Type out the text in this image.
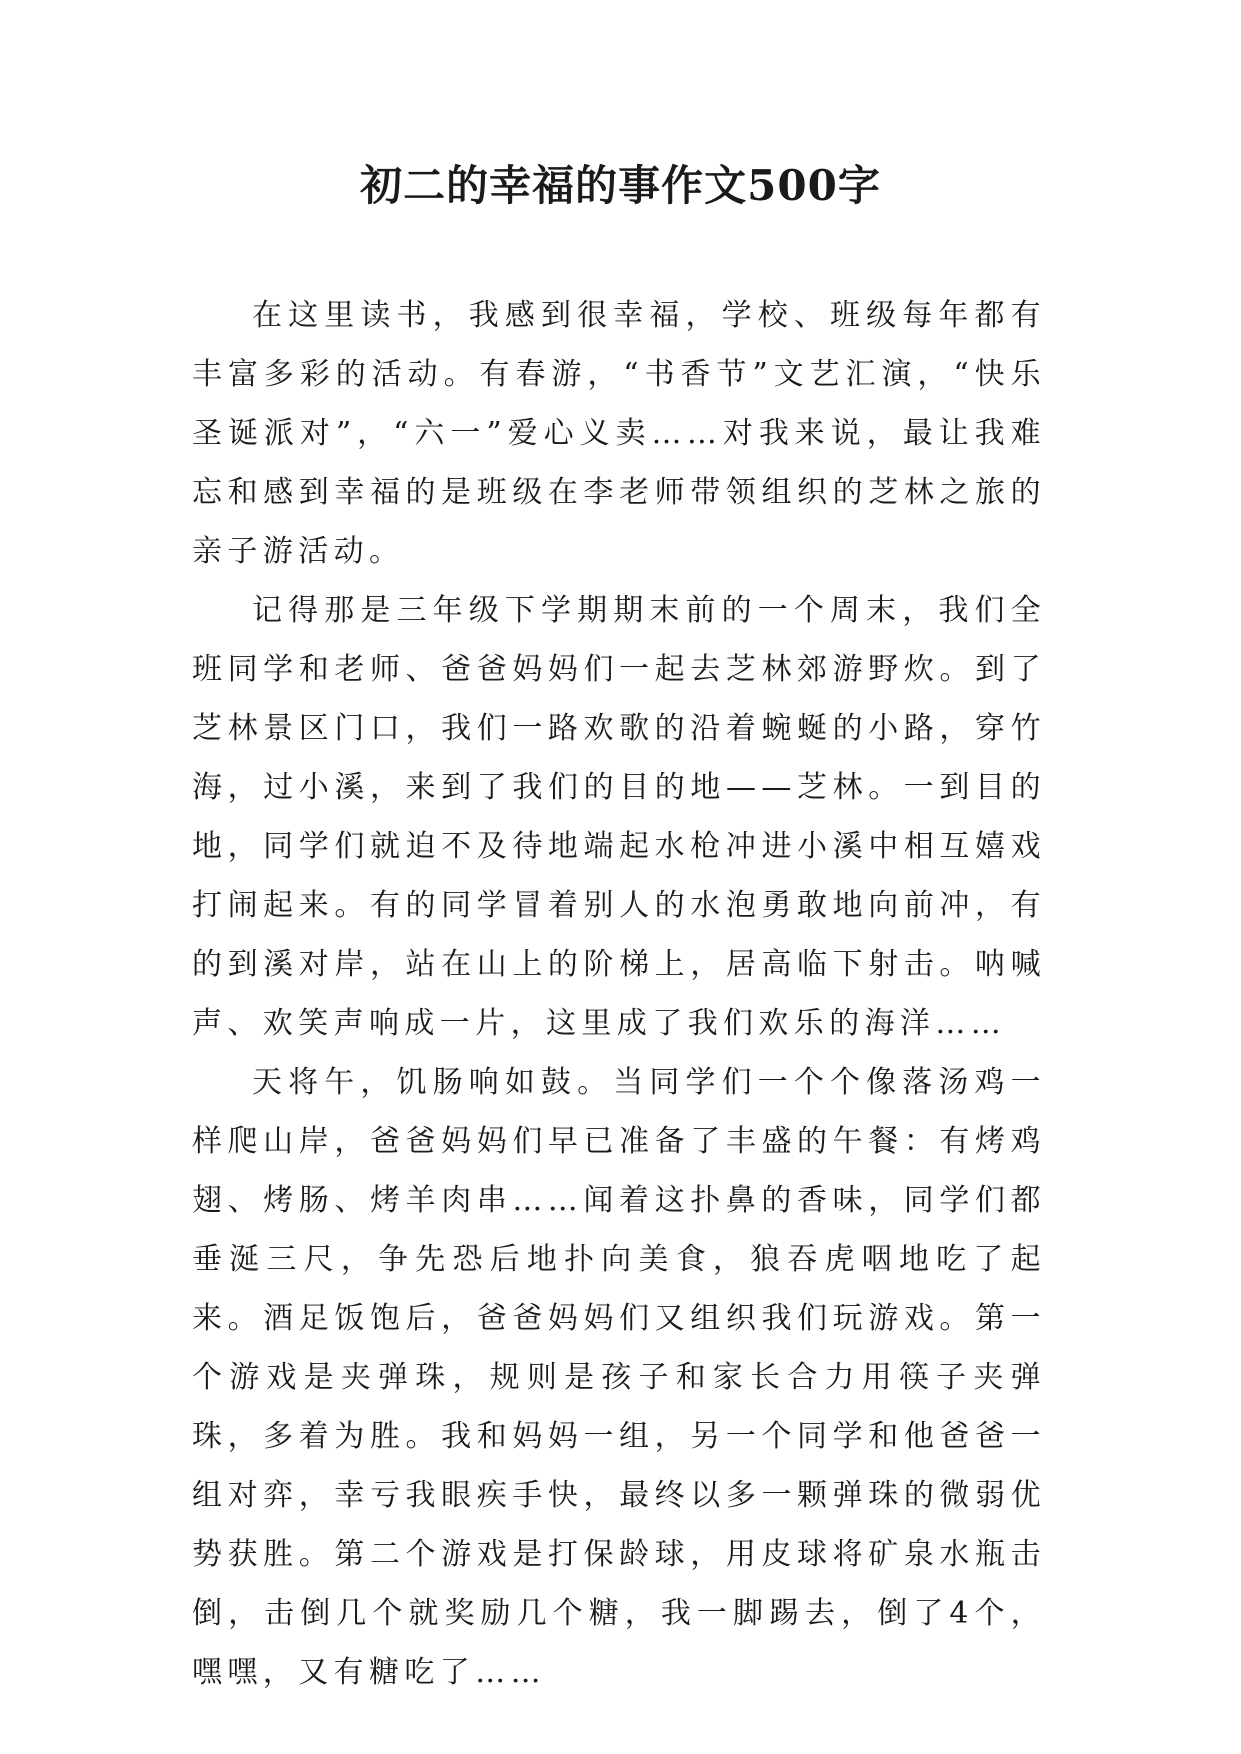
初二的幸福的事作文500字

在这里读书，我感到很幸福，学校、班级每年都有丰富多彩的活动。有春游，“书香节”文艺汇演，“快乐圣诞派对”，“六一”爱心义卖……对我来说，最让我难忘和感到幸福的是班级在李老师带领组织的芝林之旅的亲子游活动。

记得那是三年级下学期期末前的一个周末，我们全班同学和老师、爸爸妈妈们一起去芝林郊游野炊。到了芝林景区门口，我们一路欢歌的沿着蜿蜒的小路，穿竹海，过小溪，来到了我们的目的地——芝林。一到目的地，同学们就迫不及待地端起水枪冲进小溪中相互嬉戏打闹起来。有的同学冒着别人的水泡勇敢地向前冲，有的到溪对岸，站在山上的阶梯上，居高临下射击。呐喊声、欢笑声响成一片，这里成了我们欢乐的海洋……

天将午，饥肠响如鼓。当同学们一个个像落汤鸡一样爬山岸，爸爸妈妈们早已准备了丰盛的午餐：有烤鸡翅、烤肠、烤羊肉串……闻着这扑鼻的香味，同学们都垂涎三尺，争先恐后地扑向美食，狼吞虎咽地吃了起来。酒足饭饱后，爸爸妈妈们又组织我们玩游戏。第一个游戏是夹弹珠，规则是孩子和家长合力用筷子夹弹珠，多着为胜。我和妈妈一组，另一个同学和他爸爸一组对弈，幸亏我眼疾手快，最终以多一颗弹珠的微弱优势获胜。第二个游戏是打保龄球，用皮球将矿泉水瓶击倒，击倒几个就奖励几个糖，我一脚踢去，倒了4个，嘿嘿，又有糖吃了……
